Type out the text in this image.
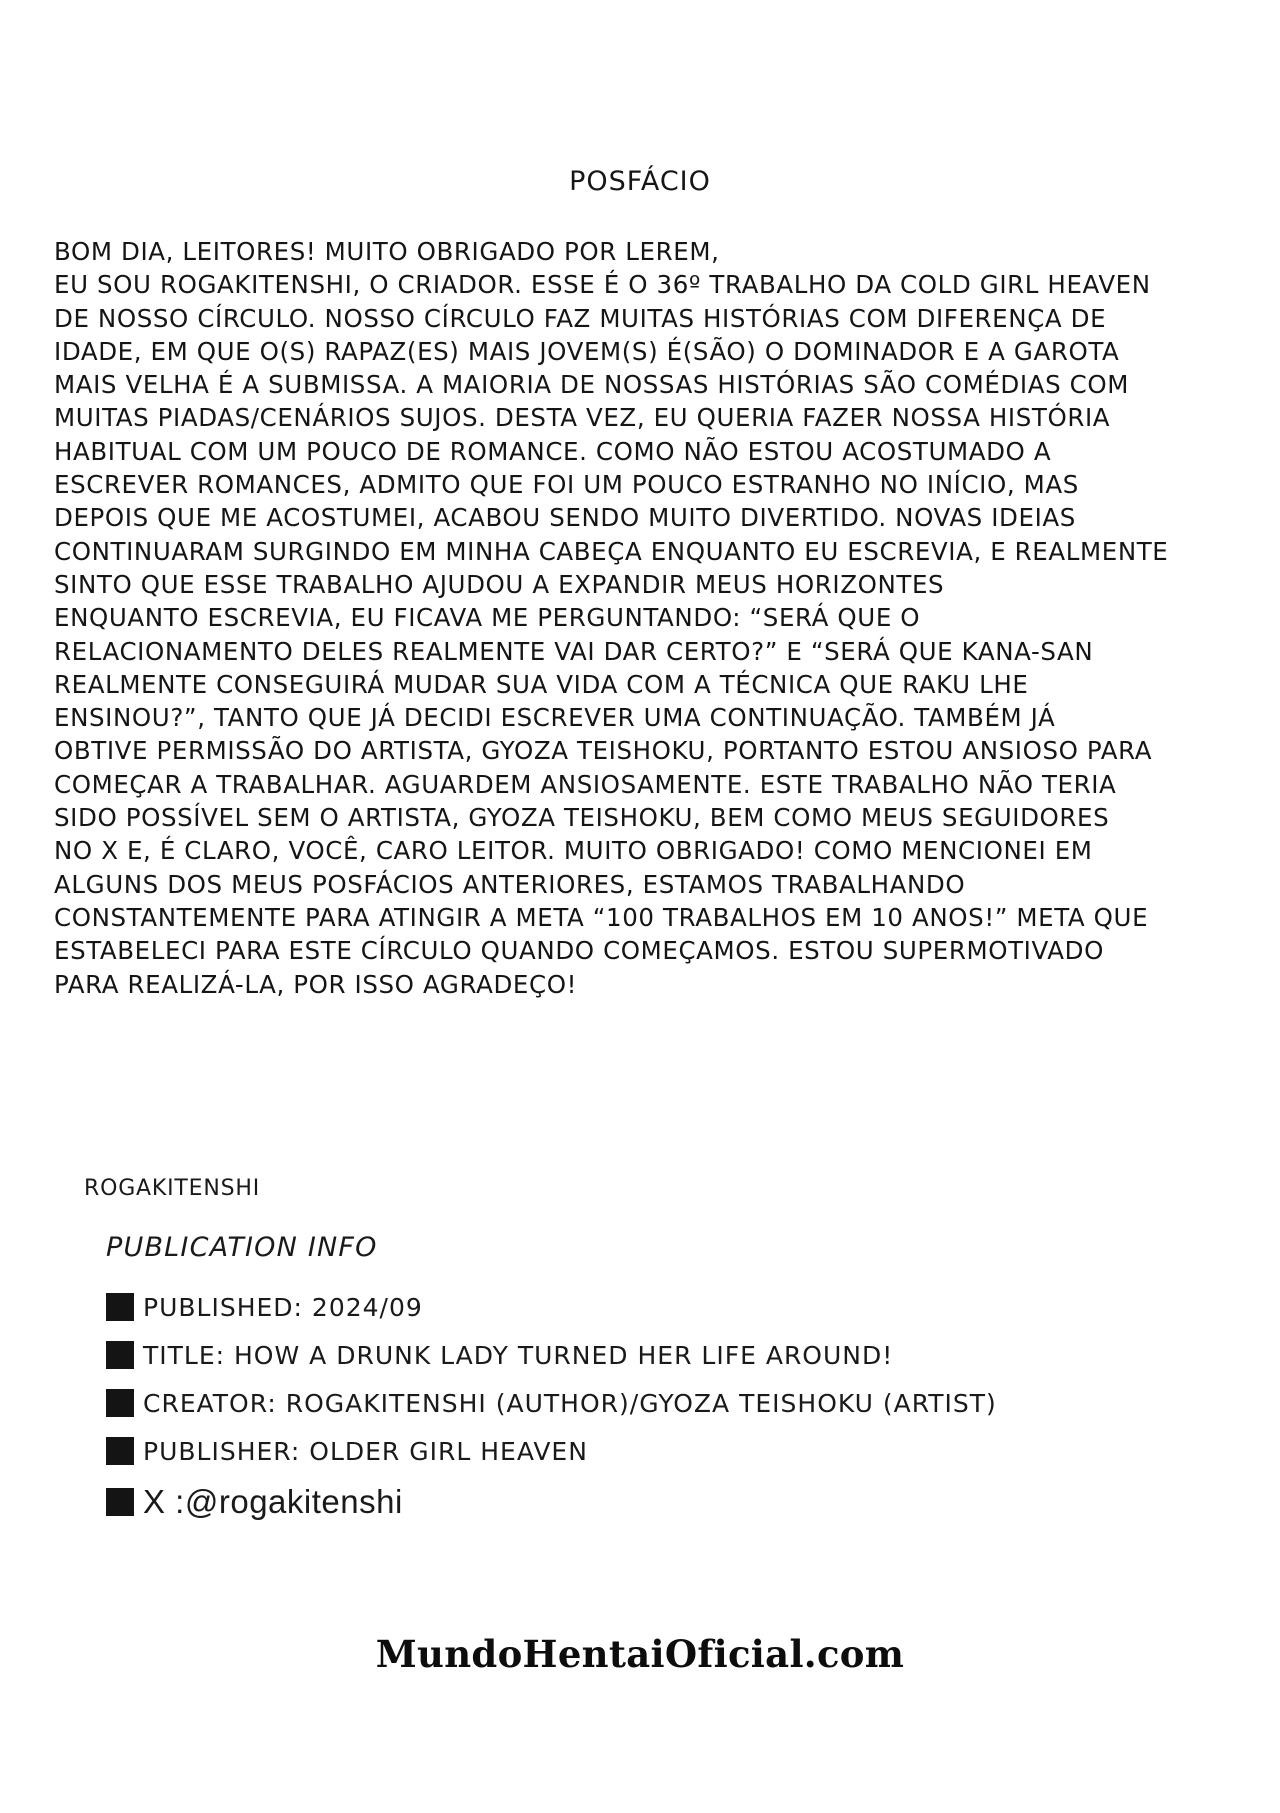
POSFÁCIO
BOM DIA, LEITORES! MUITO OBRIGADO POR LEREM,
EU SOU ROGAKITENSHI, O CRIADOR. ESSE É O 36º TRABALHO DA COLD GIRL HEAVEN
DE NOSSO CÍRCULO. NOSSO CÍRCULO FAZ MUITAS HISTÓRIAS COM DIFERENÇA DE
IDADE, EM QUE O(S) RAPAZ(ES) MAIS JOVEM(S) É(SÃO) O DOMINADOR E A GAROTA
MAIS VELHA É A SUBMISSA. A MAIORIA DE NOSSAS HISTÓRIAS SÃO COMÉDIAS COM
MUITAS PIADAS/CENÁRIOS SUJOS. DESTA VEZ, EU QUERIA FAZER NOSSA HISTÓRIA
HABITUAL COM UM POUCO DE ROMANCE. COMO NÃO ESTOU ACOSTUMADO A
ESCREVER ROMANCES, ADMITO QUE FOI UM POUCO ESTRANHO NO INÍCIO, MAS
DEPOIS QUE ME ACOSTUMEI, ACABOU SENDO MUITO DIVERTIDO. NOVAS IDEIAS
CONTINUARAM SURGINDO EM MINHA CABEÇA ENQUANTO EU ESCREVIA, E REALMENTE
SINTO QUE ESSE TRABALHO AJUDOU A EXPANDIR MEUS HORIZONTES
ENQUANTO ESCREVIA, EU FICAVA ME PERGUNTANDO: “SERÁ QUE O
RELACIONAMENTO DELES REALMENTE VAI DAR CERTO?” E “SERÁ QUE KANA-SAN
REALMENTE CONSEGUIRÁ MUDAR SUA VIDA COM A TÉCNICA QUE RAKU LHE
ENSINOU?”, TANTO QUE JÁ DECIDI ESCREVER UMA CONTINUAÇÃO. TAMBÉM JÁ
OBTIVE PERMISSÃO DO ARTISTA, GYOZA TEISHOKU, PORTANTO ESTOU ANSIOSO PARA
COMEÇAR A TRABALHAR. AGUARDEM ANSIOSAMENTE. ESTE TRABALHO NÃO TERIA
SIDO POSSÍVEL SEM O ARTISTA, GYOZA TEISHOKU, BEM COMO MEUS SEGUIDORES
NO X E, É CLARO, VOCÊ, CARO LEITOR. MUITO OBRIGADO! COMO MENCIONEI EM
ALGUNS DOS MEUS POSFÁCIOS ANTERIORES, ESTAMOS TRABALHANDO
CONSTANTEMENTE PARA ATINGIR A META “100 TRABALHOS EM 10 ANOS!” META QUE
ESTABELECI PARA ESTE CÍRCULO QUANDO COMEÇAMOS. ESTOU SUPERMOTIVADO
PARA REALIZÁ-LA, POR ISSO AGRADEÇO!

ROGAKITENSHI

PUBLICATION INFO
PUBLISHED: 2024/09
TITLE: HOW A DRUNK LADY TURNED HER LIFE AROUND!
CREATOR: ROGAKITENSHI (AUTHOR)/GYOZA TEISHOKU (ARTIST)
PUBLISHER: OLDER GIRL HEAVEN
X :@rogakitenshi

MundoHentaiOficial.com
